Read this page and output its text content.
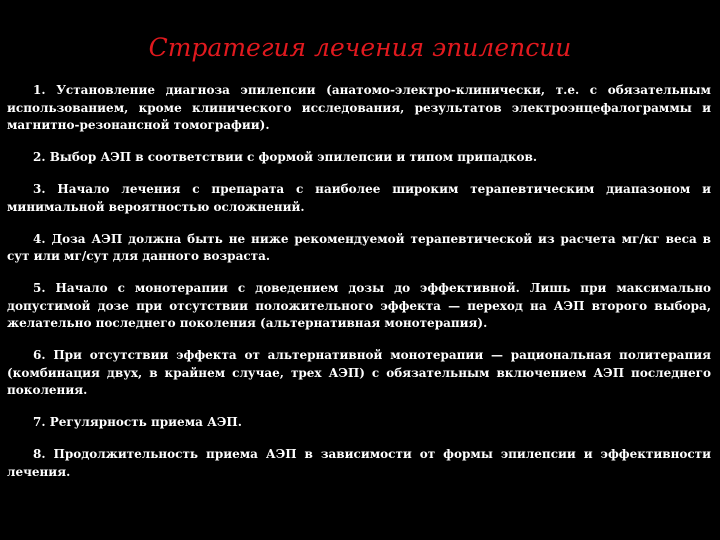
Стратегия лечения эпилепсии
1. Установление диагноза эпилепсии (анатомо-электро-клинически, т.е. с обязательным использованием, кроме клинического исследования, результатов электроэнцефалограммы и магнитно-резонансной томографии).
2. Выбор АЭП в соответствии с формой эпилепсии и типом припадков.
3. Начало лечения с препарата с наиболее широким терапевтическим диапазоном и минимальной вероятностью осложнений.
4. Доза АЭП должна быть не ниже рекомендуемой терапевтической из расчета мг/кг веса в сут или мг/сут для данного возраста.
5. Начало с монотерапии с доведением дозы до эффективной. Лишь при максимально допустимой дозе при отсутствии положительного эффекта — переход на АЭП второго выбора, желательно последнего поколения (альтернативная монотерапия).
6. При отсутствии эффекта от альтернативной монотерапии — рациональная политерапия (комбинация двух, в крайнем случае, трех АЭП) с обязательным включением АЭП последнего поколения.
7. Регулярность приема АЭП.
8. Продолжительность приема АЭП в зависимости от формы эпилепсии и эффективности лечения.
